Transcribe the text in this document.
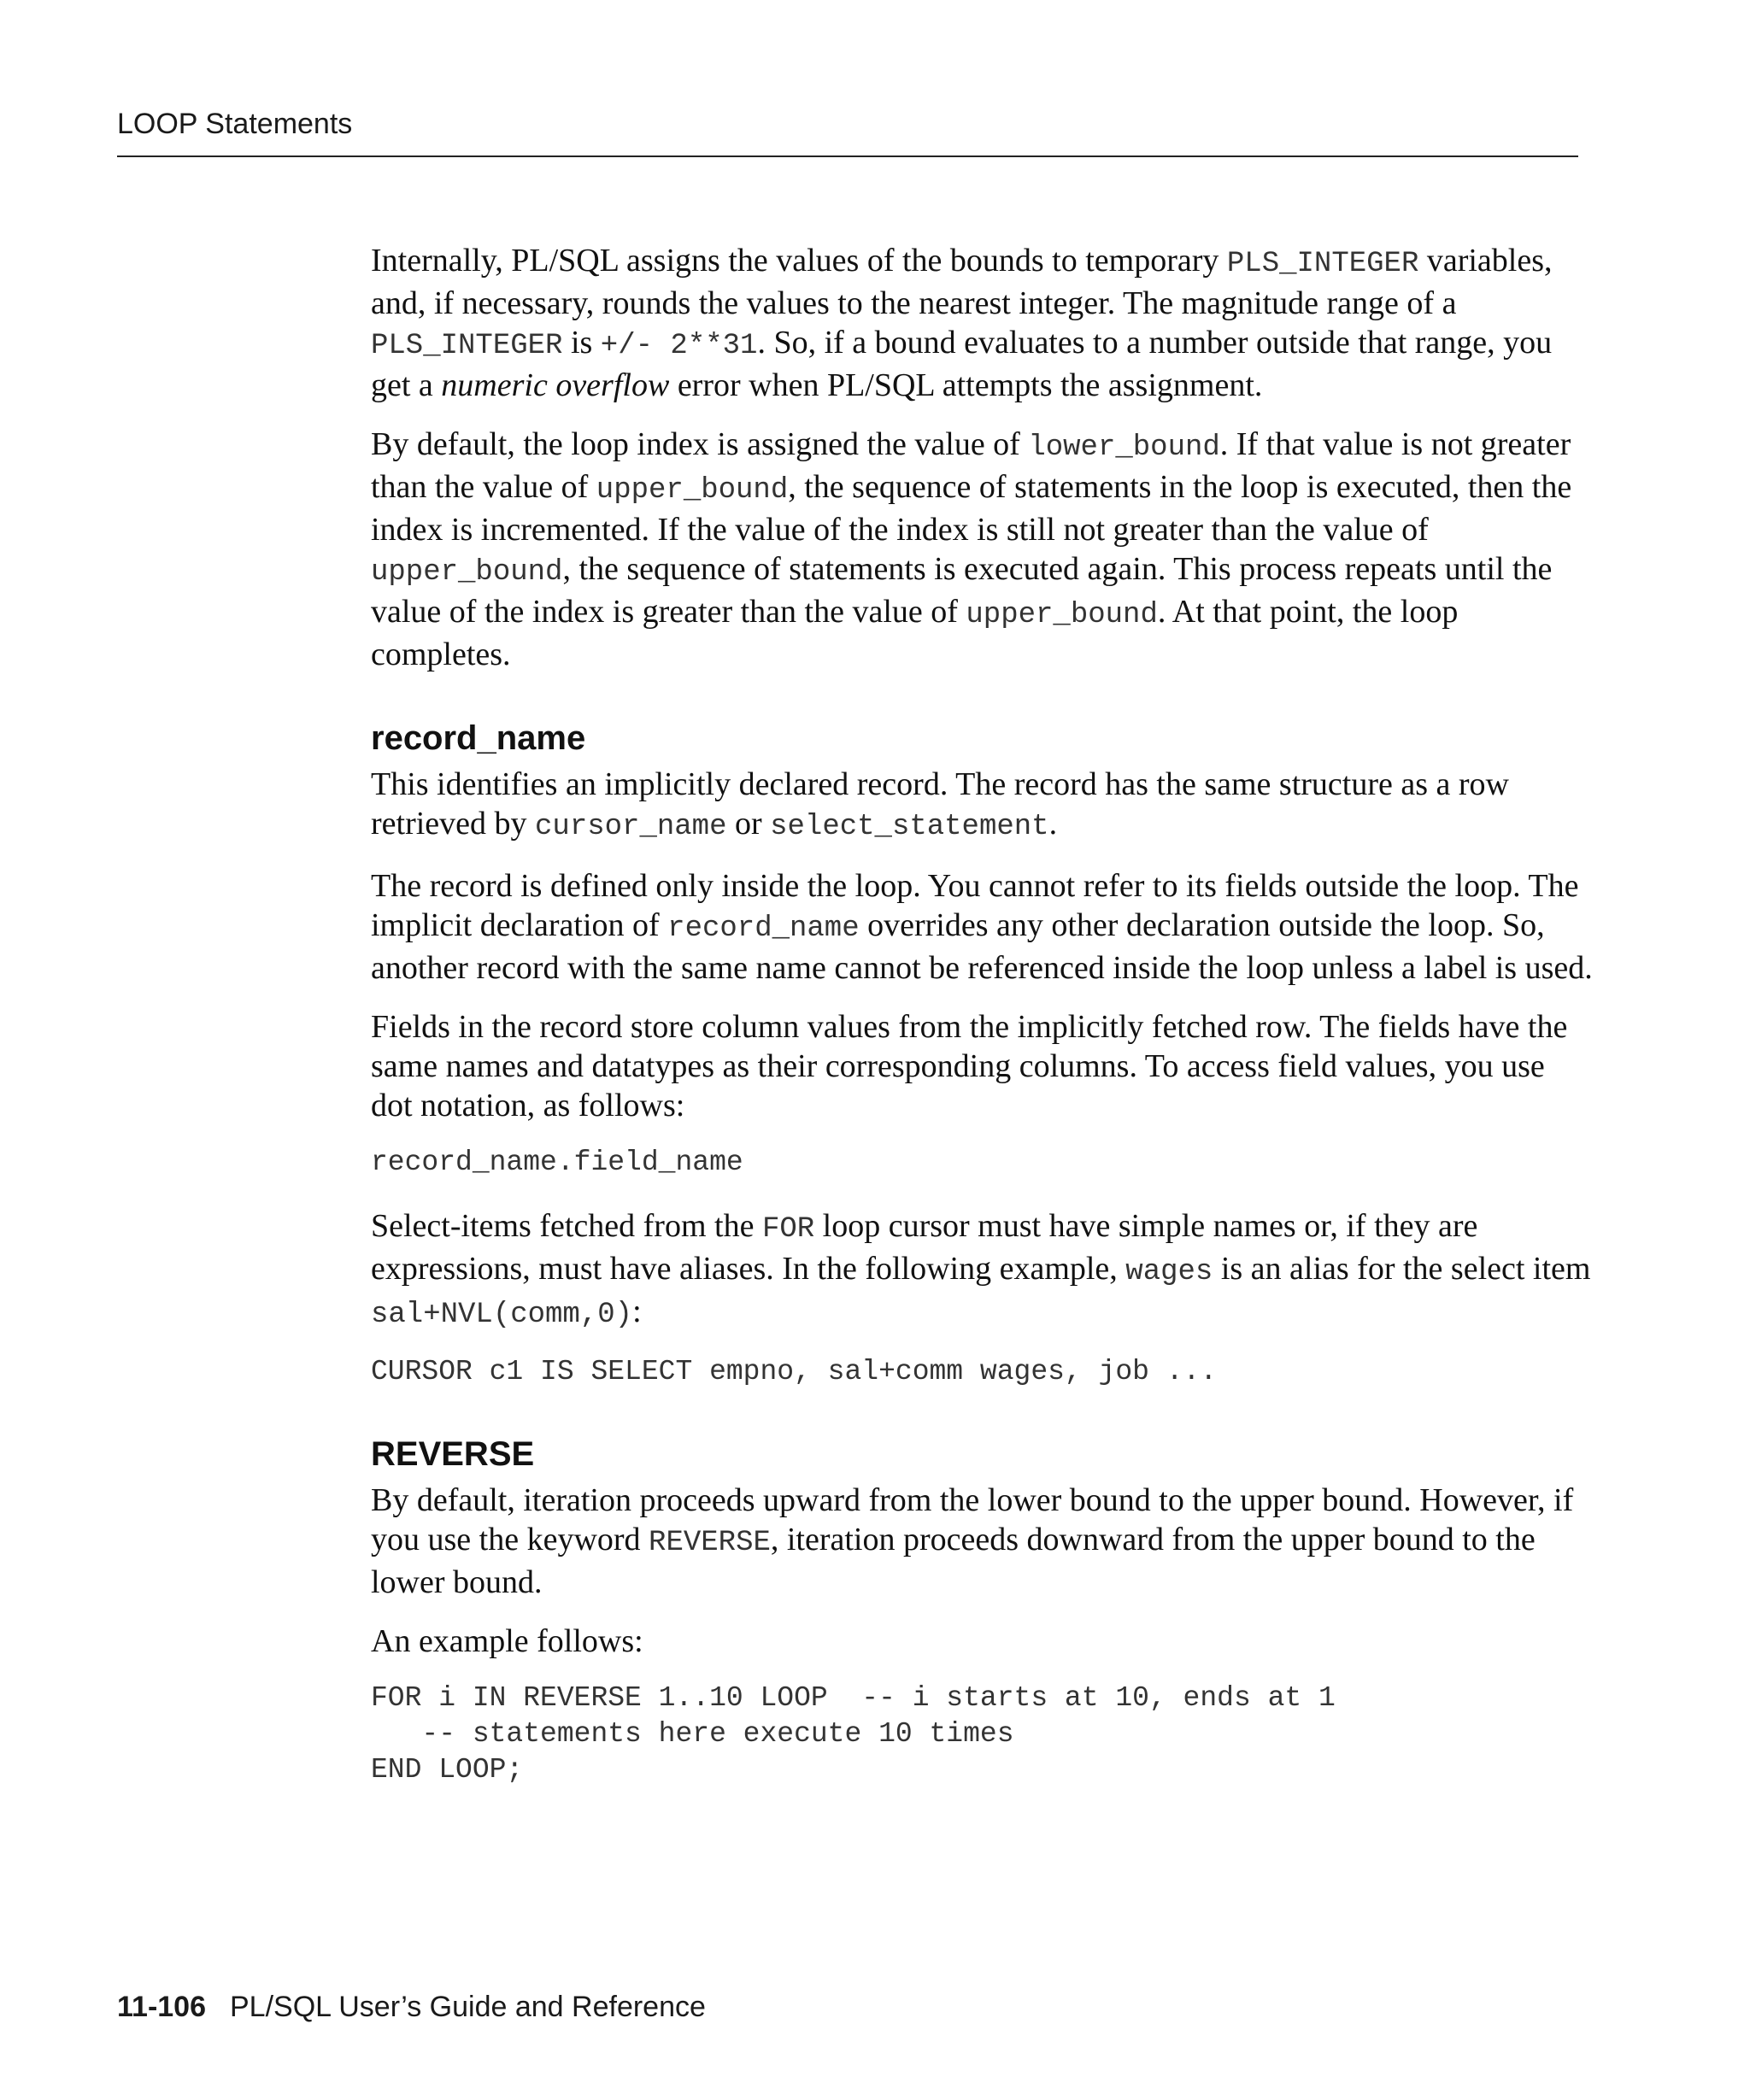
LOOP Statements

Internally, PL/SQL assigns the values of the bounds to temporary PLS_INTEGER variables, and, if necessary, rounds the values to the nearest integer. The magnitude range of a PLS_INTEGER is +/- 2**31. So, if a bound evaluates to a number outside that range, you get a numeric overflow error when PL/SQL attempts the assignment.

By default, the loop index is assigned the value of lower_bound. If that value is not greater than the value of upper_bound, the sequence of statements in the loop is executed, then the index is incremented. If the value of the index is still not greater than the value of upper_bound, the sequence of statements is executed again. This process repeats until the value of the index is greater than the value of upper_bound. At that point, the loop completes.

record_name

This identifies an implicitly declared record. The record has the same structure as a row retrieved by cursor_name or select_statement.

The record is defined only inside the loop. You cannot refer to its fields outside the loop. The implicit declaration of record_name overrides any other declaration outside the loop. So, another record with the same name cannot be referenced inside the loop unless a label is used.

Fields in the record store column values from the implicitly fetched row. The fields have the same names and datatypes as their corresponding columns. To access field values, you use dot notation, as follows:

record_name.field_name

Select-items fetched from the FOR loop cursor must have simple names or, if they are expressions, must have aliases. In the following example, wages is an alias for the select item sal+NVL(comm,0):

CURSOR c1 IS SELECT empno, sal+comm wages, job ...
REVERSE

By default, iteration proceeds upward from the lower bound to the upper bound. However, if you use the keyword REVERSE, iteration proceeds downward from the upper bound to the lower bound.

An example follows:

FOR i IN REVERSE 1..10 LOOP  -- i starts at 10, ends at 1
-- statements here execute 10 times
END LOOP;
11-106 PL/SQL User’s Guide and Reference
